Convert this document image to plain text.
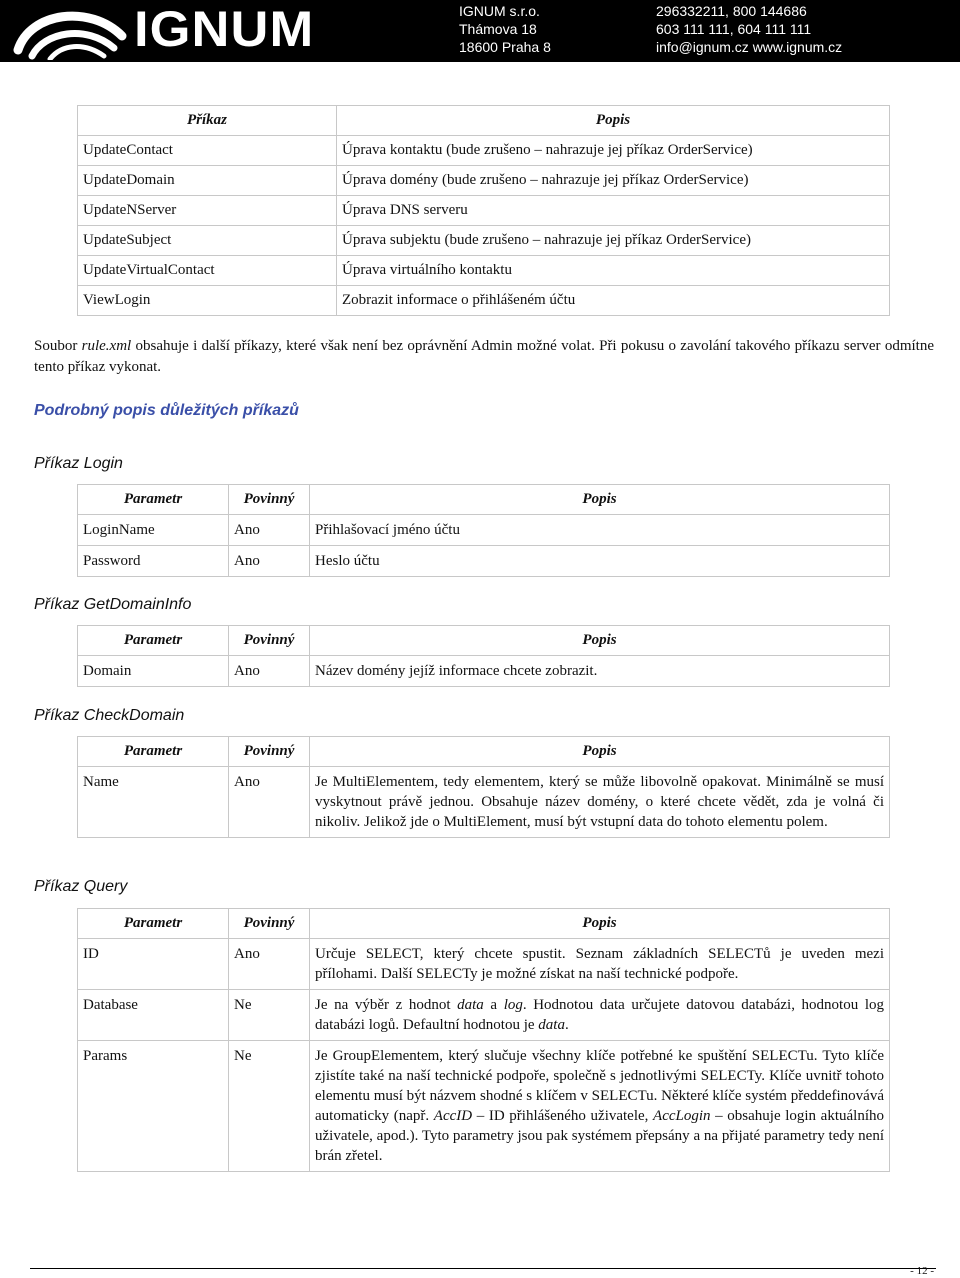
IGNUM	IGNUM s.r.o.
Thámova 18
18600 Praha 8
296332211, 800 144686
603 111 111, 604 111 111
info@ignum.cz www.ignum.cz
Příkaz	Popis
UpdateContact	Úprava kontaktu (bude zrušeno – nahrazuje jej příkaz OrderService)
UpdateDomain	Úprava domény (bude zrušeno – nahrazuje jej příkaz OrderService)
UpdateNServer	Úprava DNS serveru
UpdateSubject	Úprava subjektu (bude zrušeno – nahrazuje jej příkaz OrderService)
UpdateVirtualContact	Úprava virtuálního kontaktu
ViewLogin	Zobrazit informace o přihlášeném účtu
Soubor rule.xml obsahuje i další příkazy, které však není bez oprávnění Admin možné volat. Při pokusu o zavolání takového příkazu server odmítne tento příkaz vykonat.
Podrobný popis důležitých příkazů
Příkaz Login
Parametr	Povinný	Popis
LoginName	Ano	Přihlašovací jméno účtu
Password	Ano	Heslo účtu
Příkaz GetDomainInfo
Parametr	Povinný	Popis
Domain	Ano	Název domény jejíž informace chcete zobrazit.
Příkaz CheckDomain
Parametr	Povinný	Popis
Name	Ano	Je MultiElementem, tedy elementem, který se může libovolně opakovat. Minimálně se musí vyskytnout právě jednou. Obsahuje název domény, o které chcete vědět, zda je volná či nikoliv. Jelikož jde o MultiElement, musí být vstupní data do tohoto elementu polem.
Příkaz Query
Parametr	Povinný	Popis
ID	Ano	Určuje SELECT, který chcete spustit. Seznam základních SELECTů je uveden mezi přílohami. Další SELECTy je možné získat na naší technické podpoře.
Database	Ne	Je na výběr z hodnot data a log. Hodnotou data určujete datovou databázi, hodnotou log databázi logů. Defaultní hodnotou je data.
Params	Ne	Je GroupElementem, který slučuje všechny klíče potřebné ke spuštění SELECTu. Tyto klíče zjistíte také na naší technické podpoře, společně s jednotlivými SELECTy. Klíče uvnitř tohoto elementu musí být názvem shodné s klíčem v SELECTu. Některé klíče systém předdefinovává automaticky (např. AccID – ID přihlášeného uživatele, AccLogin – obsahuje login aktuálního uživatele, apod.). Tyto parametry jsou pak systémem přepsány a na přijaté parametry tedy není brán zřetel.
- 12 -
